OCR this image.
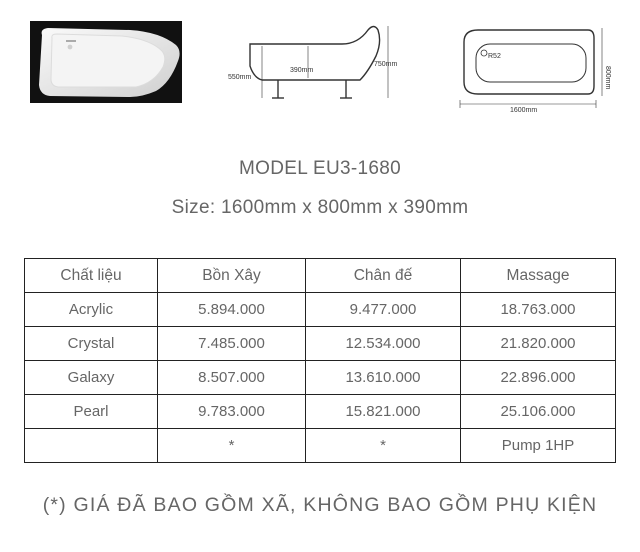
390mm
550mm
750mm
R52
1600mm
800mm
MODEL EU3-1680
Size: 1600mm x 800mm x 390mm
Chất liệu	Bồn Xây	Chân đế	Massage
Acrylic	5.894.000	9.477.000	18.763.000
Crystal	7.485.000	12.534.000	21.820.000
Galaxy	8.507.000	13.610.000	22.896.000
Pearl	9.783.000	15.821.000	25.106.000
	*	*	Pump 1HP
(*) GIÁ ĐÃ BAO GỒM XÃ, KHÔNG BAO GỒM PHỤ KIỆN
